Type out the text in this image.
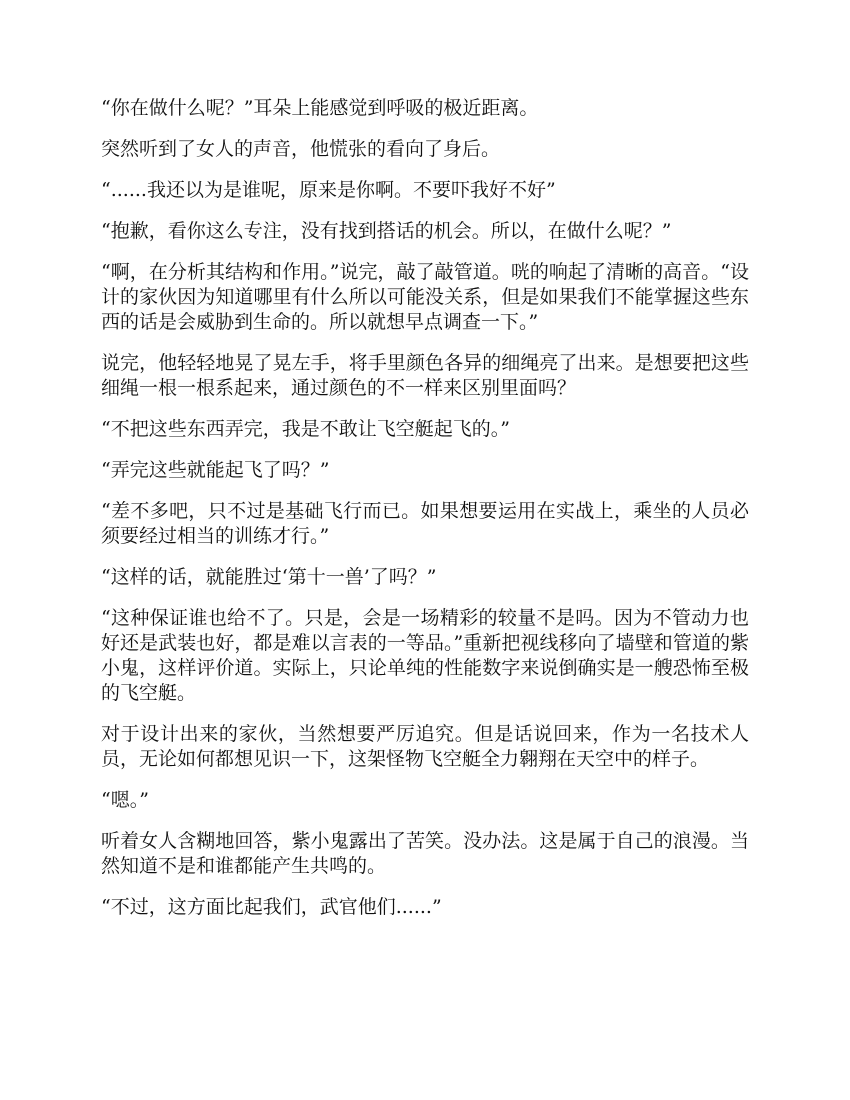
“你在做什么呢？”耳朵上能感觉到呼吸的极近距离。

突然听到了女人的声音，他慌张的看向了身后。

“......我还以为是谁呢，原来是你啊。不要吓我好不好”

“抱歉，看你这么专注，没有找到搭话的机会。所以，在做什么呢？”

“啊，在分析其结构和作用。”说完，敲了敲管道。咣的响起了清晰的高音。“设计的家伙因为知道哪里有什么所以可能没关系，但是如果我们不能掌握这些东西的话是会威胁到生命的。所以就想早点调查一下。”

说完，他轻轻地晃了晃左手，将手里颜色各异的细绳亮了出来。是想要把这些细绳一根一根系起来，通过颜色的不一样来区别里面吗？

“不把这些东西弄完，我是不敢让飞空艇起飞的。”

“弄完这些就能起飞了吗？”

“差不多吧，只不过是基础飞行而已。如果想要运用在实战上，乘坐的人员必须要经过相当的训练才行。”

“这样的话，就能胜过‘第十一兽’了吗？”

“这种保证谁也给不了。只是，会是一场精彩的较量不是吗。因为不管动力也好还是武装也好，都是难以言表的一等品。”重新把视线移向了墙壁和管道的紫小鬼，这样评价道。实际上，只论单纯的性能数字来说倒确实是一艘恐怖至极的飞空艇。

对于设计出来的家伙，当然想要严厉追究。但是话说回来，作为一名技术人员，无论如何都想见识一下，这架怪物飞空艇全力翱翔在天空中的样子。

“嗯。”

听着女人含糊地回答，紫小鬼露出了苦笑。没办法。这是属于自己的浪漫。当然知道不是和谁都能产生共鸣的。

“不过，这方面比起我们，武官他们......”
